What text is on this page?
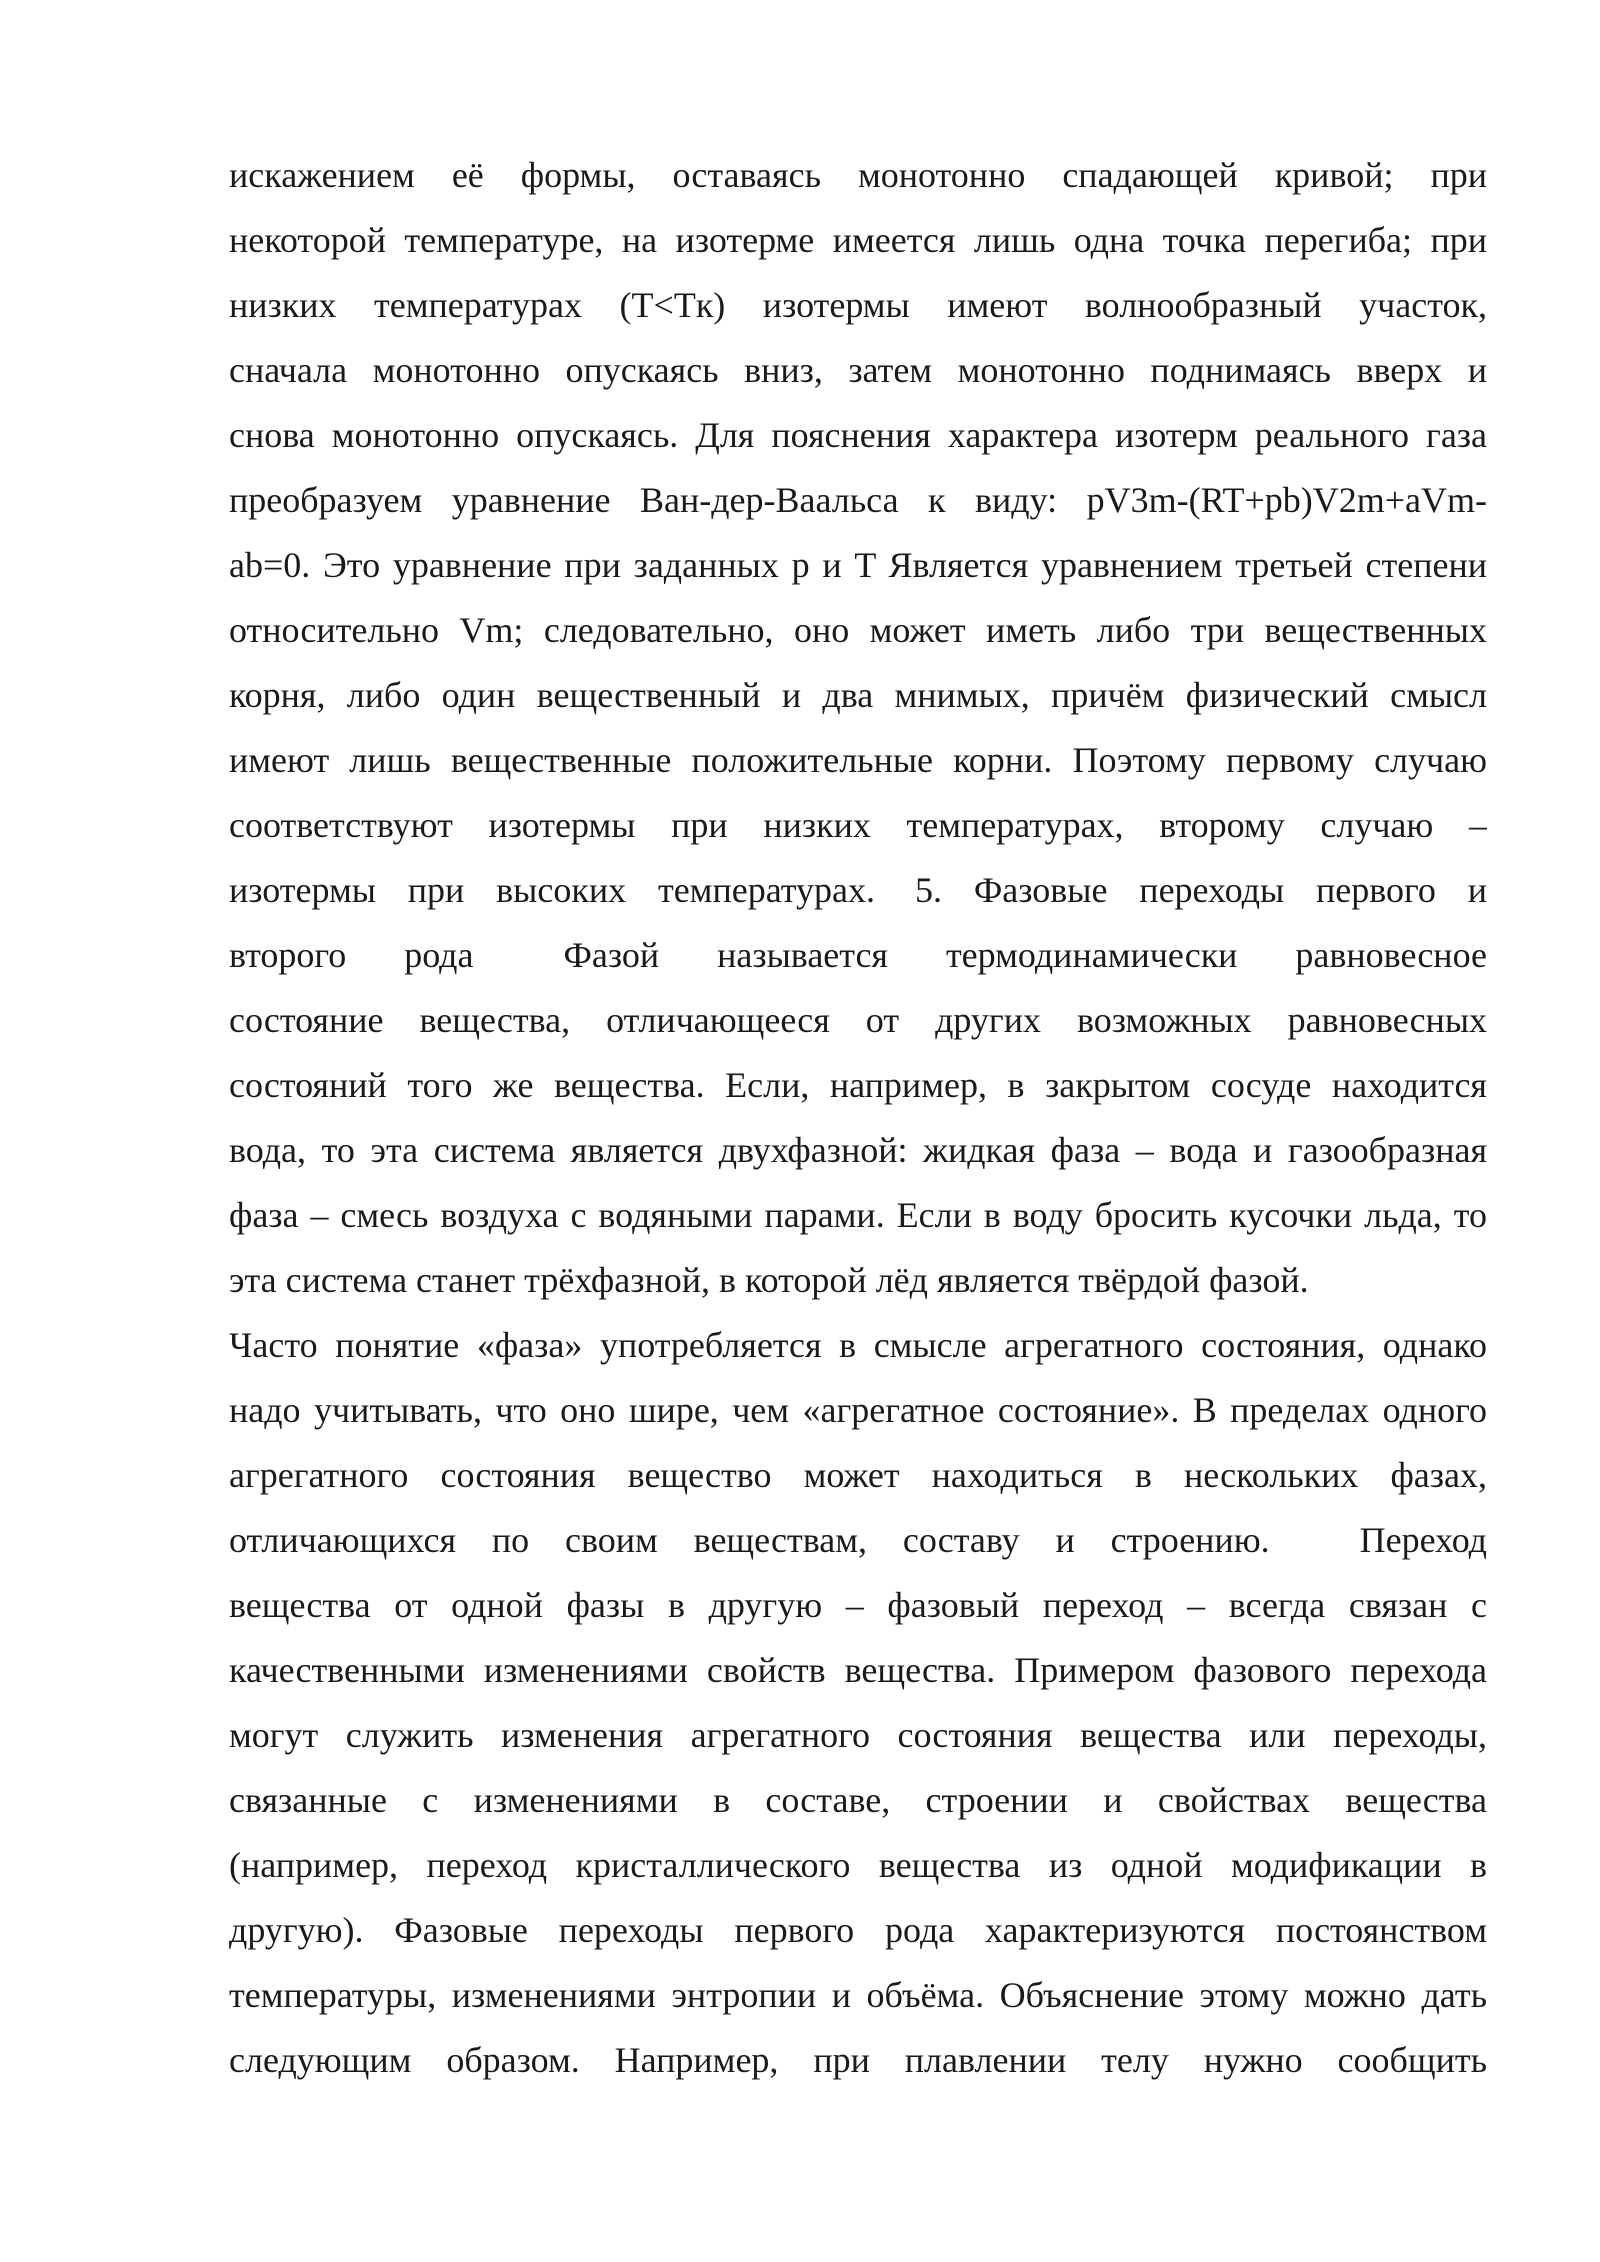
искажением её формы, оставаясь монотонно спадающей кривой; при
некоторой температуре, на изотерме имеется лишь одна точка перегиба; при
низких температурах (T<Tк) изотермы имеют волнообразный участок,
сначала монотонно опускаясь вниз, затем монотонно поднимаясь вверх и
снова монотонно опускаясь. Для пояснения характера изотерм реального газа
преобразуем уравнение Ван-дер-Ваальса к виду: pV3m-(RT+pb)V2m+aVm-
ab=0. Это уравнение при заданных p и T Является уравнением третьей степени
относительно Vm; следовательно, оно может иметь либо три вещественных
корня, либо один вещественный и два мнимых, причём физический смысл
имеют лишь вещественные положительные корни. Поэтому первому случаю
соответствуют изотермы при низких температурах, второму случаю –
изотермы при высоких температурах. 5. Фазовые переходы первого и
второго рода	Фазой называется термодинамически равновесное
состояние вещества, отличающееся от других возможных равновесных
состояний того же вещества. Если, например, в закрытом сосуде находится
вода, то эта система является двухфазной: жидкая фаза – вода и газообразная
фаза – смесь воздуха с водяными парами. Если в воду бросить кусочки льда, то
эта система станет трёхфазной, в которой лёд является твёрдой фазой.
Часто понятие «фаза» употребляется в смысле агрегатного состояния, однако
надо учитывать, что оно шире, чем «агрегатное состояние». В пределах одного
агрегатного состояния вещество может находиться в нескольких фазах,
отличающихся по своим веществам, составу и строению.	Переход
вещества от одной фазы в другую – фазовый переход – всегда связан с
качественными изменениями свойств вещества. Примером фазового перехода
могут служить изменения агрегатного состояния вещества или переходы,
связанные с изменениями в составе, строении и свойствах вещества
(например, переход кристаллического вещества из одной модификации в
другую). Фазовые переходы первого рода характеризуются постоянством
температуры, изменениями энтропии и объёма. Объяснение этому можно дать
следующим образом. Например, при плавлении телу нужно сообщить
